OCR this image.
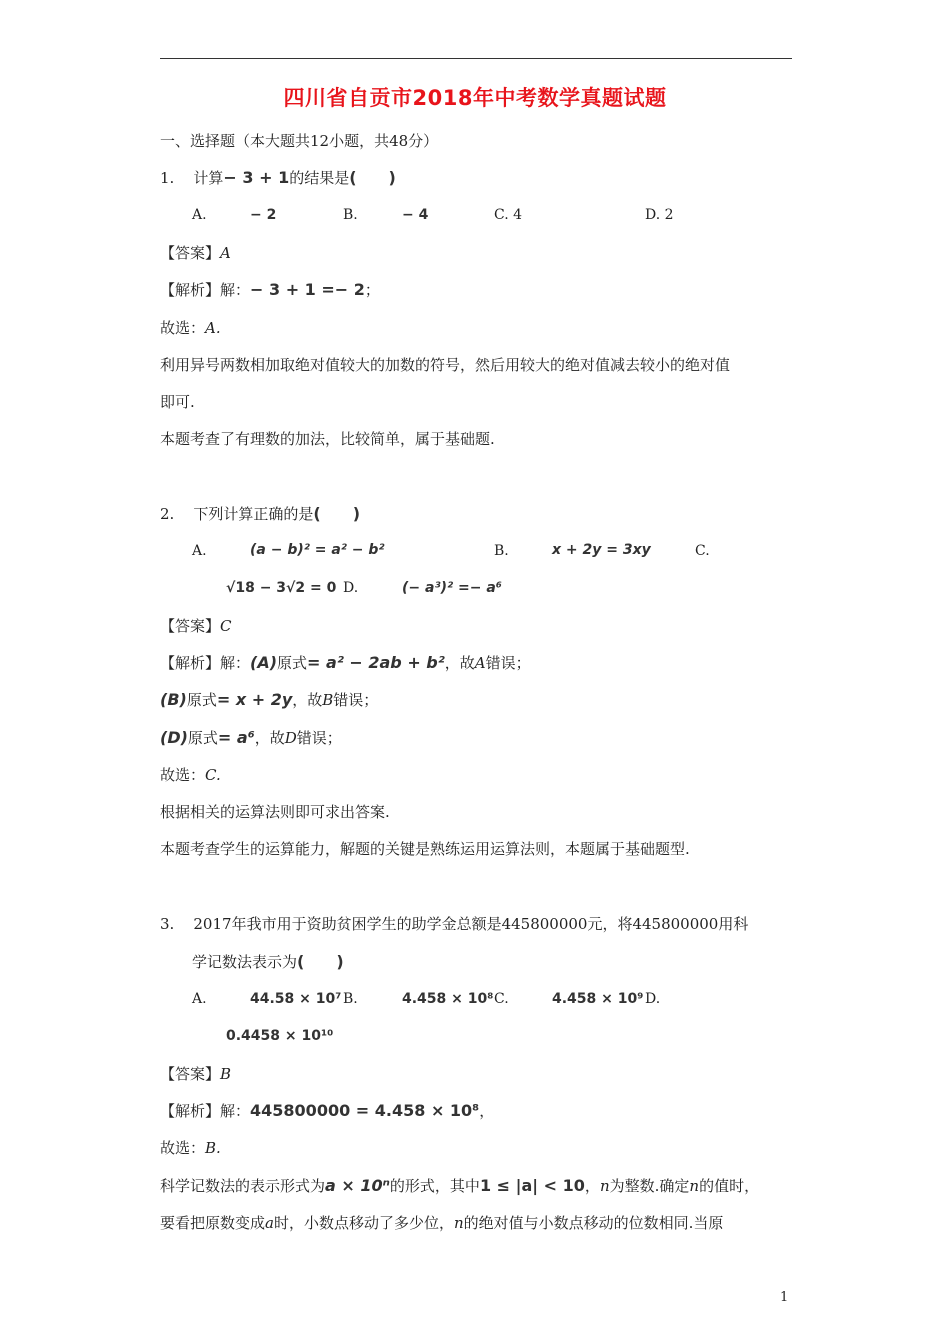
四川省自贡市2018年中考数学真题试题
一、选择题（本大题共12小题，共48分）
1. 计算− 3 + 1的结果是(　　)
A.	− 2	B.	− 4	C. 4	D. 2
【答案】A
【解析】解：− 3 + 1 =− 2；
故选：A.
利用异号两数相加取绝对值较大的加数的符号，然后用较大的绝对值减去较小的绝对值
即可.
本题考查了有理数的加法，比较简单，属于基础题.
2. 下列计算正确的是(　　)
A.	(a − b)² = a² − b²	B.	x + 2y = 3xy	C.
√18 − 3√2 = 0 D.	(− a³)² =− a⁶
【答案】C
【解析】解：(A)原式= a² − 2ab + b²，故A错误；
(B)原式= x + 2y，故B错误；
(D)原式= a⁶，故D错误；
故选：C.
根据相关的运算法则即可求出答案.
本题考查学生的运算能力，解题的关键是熟练运用运算法则，本题属于基础题型.
3. 2017年我市用于资助贫困学生的助学金总额是445800000元，将445800000用科
学记数法表示为(　　)
A.	44.58 × 10⁷ B.	4.458 × 10⁸ C.	4.458 × 10⁹ D.
0.4458 × 10¹⁰
【答案】B
【解析】解：445800000 = 4.458 × 10⁸，
故选：B.
科学记数法的表示形式为a × 10ⁿ的形式，其中1 ≤ |a| < 10，n为整数.确定n的值时，
要看把原数变成a时，小数点移动了多少位，n的绝对值与小数点移动的位数相同.当原
1
